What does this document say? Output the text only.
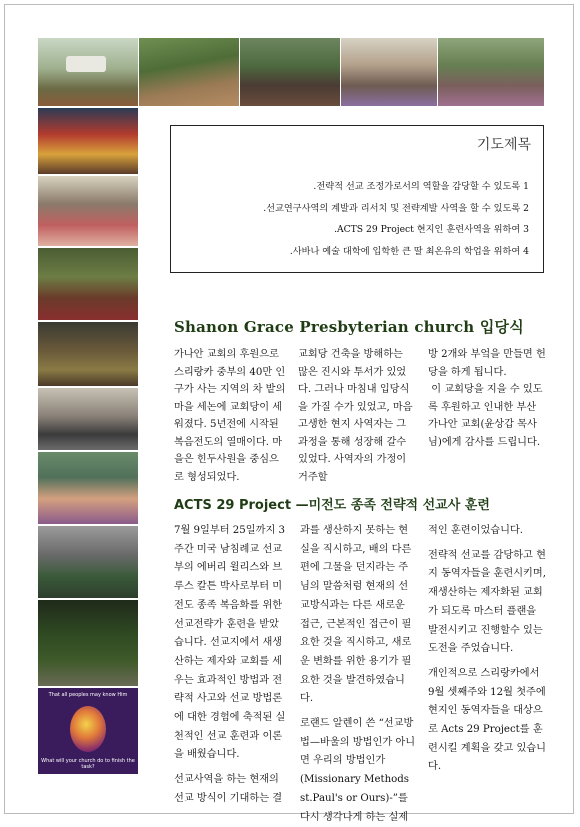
That all peoples may know Him
What will your church do to finish the task?
기도제목
전략적 선교 조정가로서의 역할을 감당할 수 있도록 1.
선교연구사역의 계발과 리서치 및 전략계발 사역을 할 수 있도록 2.
ACTS 29 Project 현지인 훈련사역을 위하여 3.
사바나 예술 대학에 입학한 큰 딸 최온유의 학업을 위하여 4.
Shanon Grace Presbyterian church 입당식

가나안 교회의 후원으로 스리랑카 중부의 40만 인구가 사는 지역의 차 밭의 마을 세논에 교회당이 세워졌다. 5년전에 시작된 복음전도의 열매이다. 마을은 힌두사원을 중심으로 형성되었다.

교회당 건축을 방해하는 많은 진시와 투서가 있었다. 그러나 마침내 입당식을 가질 수가 있었고, 마음 고생한 현지 사역자는 그 과정을 통해 성장해 갈수 있었다. 사역자의 가정이 거주할

방 2개와 부엌을 만들면 헌당을 하게 됩니다.
이 교회당을 지을 수 있도록 후원하고 인내한 부산 가나안 교회(윤상갑 목사님)에게 감사를 드립니다.
ACTS 29 Project —미전도 종족 전략적 선교사 훈련
7월 9일부터 25일까지 3주간 미국 남침례교 선교부의 에버리 윌리스와 브루스 칼튼 박사로부터 미전도 종족 복음화를 위한 선교전략가 훈련을 받았습니다. 선교지에서 새생산하는 제자와 교회를 세우는 효과적인 방법과 전략적 사고와 선교 방법론에 대한 경험에 축적된 실천적인 선교 훈련과 이론을 배웠습니다.
선교사역을 하는 현재의 선교 방식이 기대하는 결
과를 생산하지 못하는 현실을 직시하고, 배의 다른 편에 그물을 던지라는 주님의 말씀처럼 현재의 선교방식과는 다른 새로운 접근, 근본적인 접근이 필요한 것을 직시하고, 새로운 변화를 위한 용기가 필요한 것을 발견하였습니다.
로랜드 알렌이 쓴 “선교방법—바울의 방법인가 아니면 우리의 방법인가(Missionary Methods st.Paul's or Ours)-”를 다시 생각나게 하는 실제
적인 훈련이었습니다.
전략적 선교를 감당하고 현지 동역자들을 훈련시키며, 재생산하는 제자화된 교회가 되도록 마스터 플랜을 발전시키고 진행할수 있는 도전을 주었습니다.
개인적으로 스리랑카에서 9월 셋째주와 12월 첫주에 현지인 동역자들을 대상으로 Acts 29 Project를 훈련시킬 계획을 갖고 있습니다.
